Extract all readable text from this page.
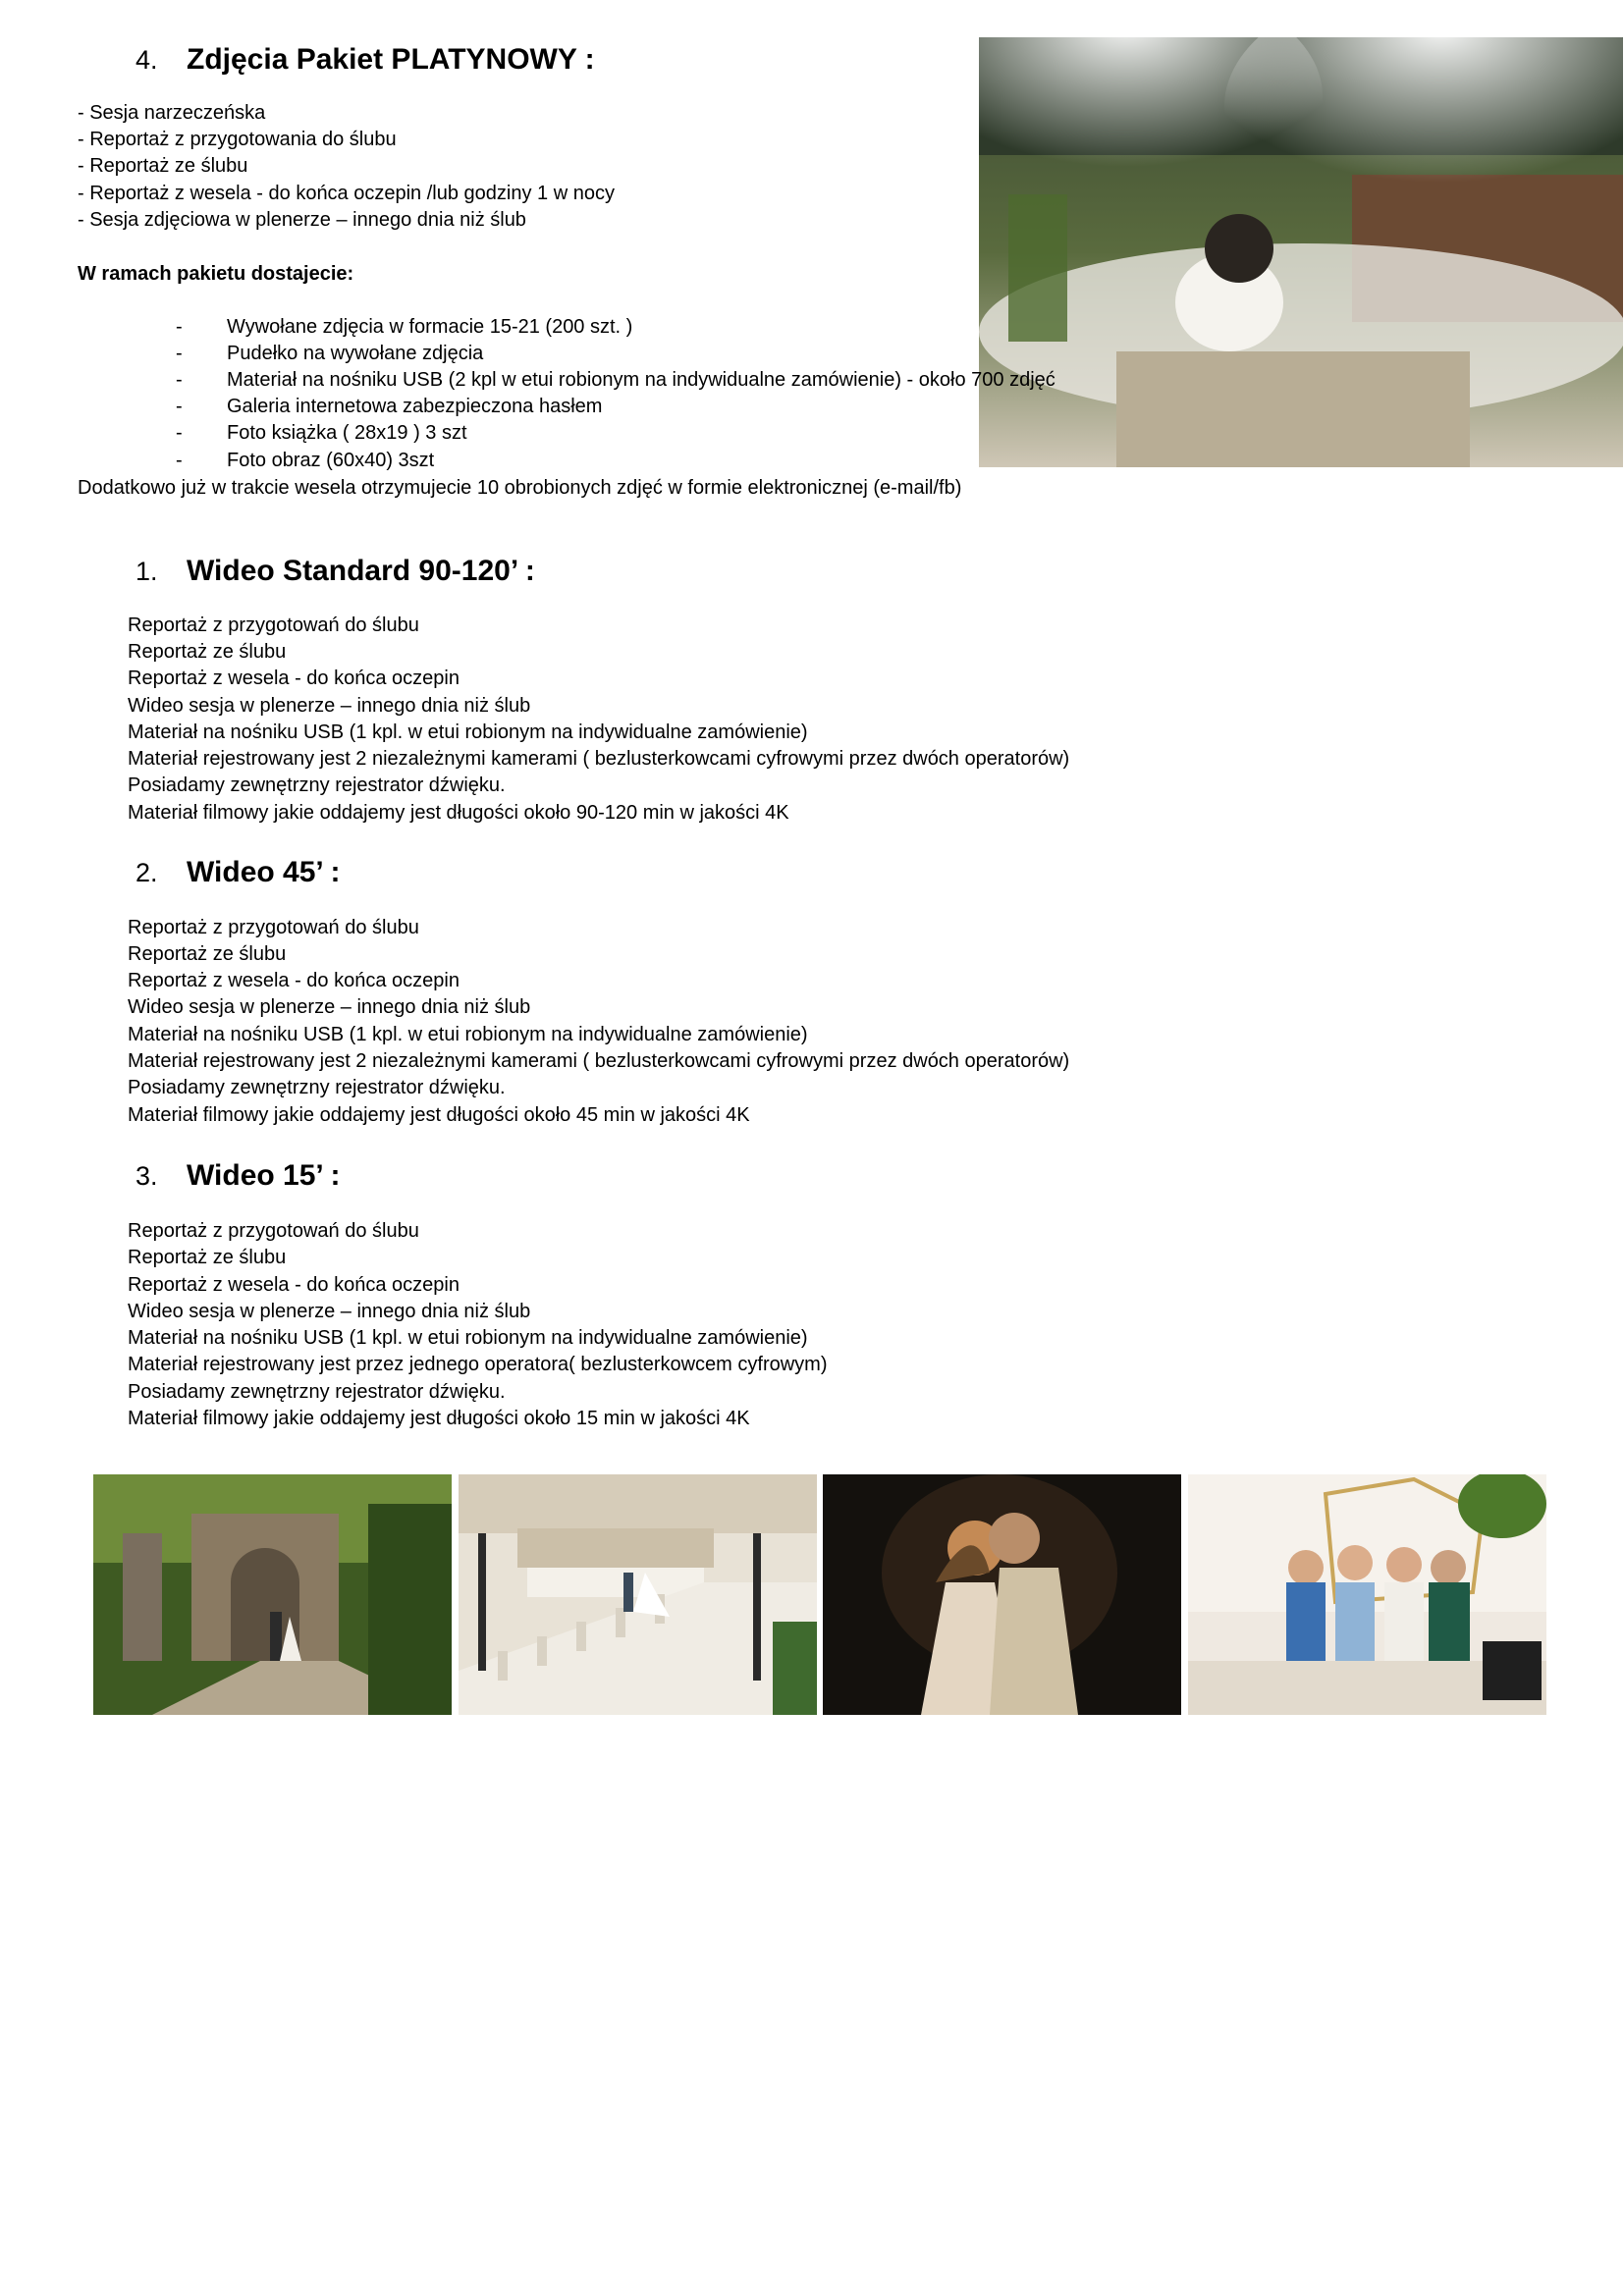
4. Zdjęcia Pakiet PLATYNOWY :
- Sesja narzeczeńska
- Reportaż z przygotowania do ślubu
- Reportaż ze ślubu
- Reportaż z wesela - do końca oczepin /lub godziny 1 w nocy
- Sesja zdjęciowa w plenerze – innego dnia niż ślub
W ramach pakietu dostajecie:
- Wywołane zdjęcia w formacie 15-21 (200 szt. )
- Pudełko na wywołane zdjęcia
- Materiał na nośniku USB (2 kpl w etui robionym na indywidualne zamówienie) - około 700 zdjęć
- Galeria internetowa zabezpieczona hasłem
- Foto książka ( 28x19 ) 3 szt
- Foto obraz (60x40) 3szt
Dodatkowo już w trakcie wesela otrzymujecie 10 obrobionych zdjęć w formie elektronicznej (e-mail/fb)
1. Wideo Standard 90-120’ :
Reportaż z przygotowań do ślubu
Reportaż ze ślubu
Reportaż z wesela - do końca oczepin
Wideo sesja w plenerze – innego dnia niż ślub
Materiał na nośniku USB (1 kpl. w etui robionym na indywidualne zamówienie)
Materiał rejestrowany jest 2 niezależnymi kamerami ( bezlusterkowcami cyfrowymi przez dwóch operatorów)
Posiadamy zewnętrzny rejestrator dźwięku.
Materiał filmowy jakie oddajemy jest długości około 90-120 min w jakości 4K
2. Wideo 45’ :
Reportaż z przygotowań do ślubu
Reportaż ze ślubu
Reportaż z wesela - do końca oczepin
Wideo sesja w plenerze – innego dnia niż ślub
Materiał na nośniku USB (1 kpl. w etui robionym na indywidualne zamówienie)
Materiał rejestrowany jest 2 niezależnymi kamerami ( bezlusterkowcami cyfrowymi przez dwóch operatorów)
Posiadamy zewnętrzny rejestrator dźwięku.
Materiał filmowy jakie oddajemy jest długości około 45 min w jakości 4K
3. Wideo 15’ :
Reportaż z przygotowań do ślubu
Reportaż ze ślubu
Reportaż z wesela - do końca oczepin
Wideo sesja w plenerze – innego dnia niż ślub
Materiał na nośniku USB (1 kpl. w etui robionym na indywidualne zamówienie)
Materiał rejestrowany jest przez jednego operatora( bezlusterkowcem cyfrowym)
Posiadamy zewnętrzny rejestrator dźwięku.
Materiał filmowy jakie oddajemy jest długości około 15 min w jakości 4K
